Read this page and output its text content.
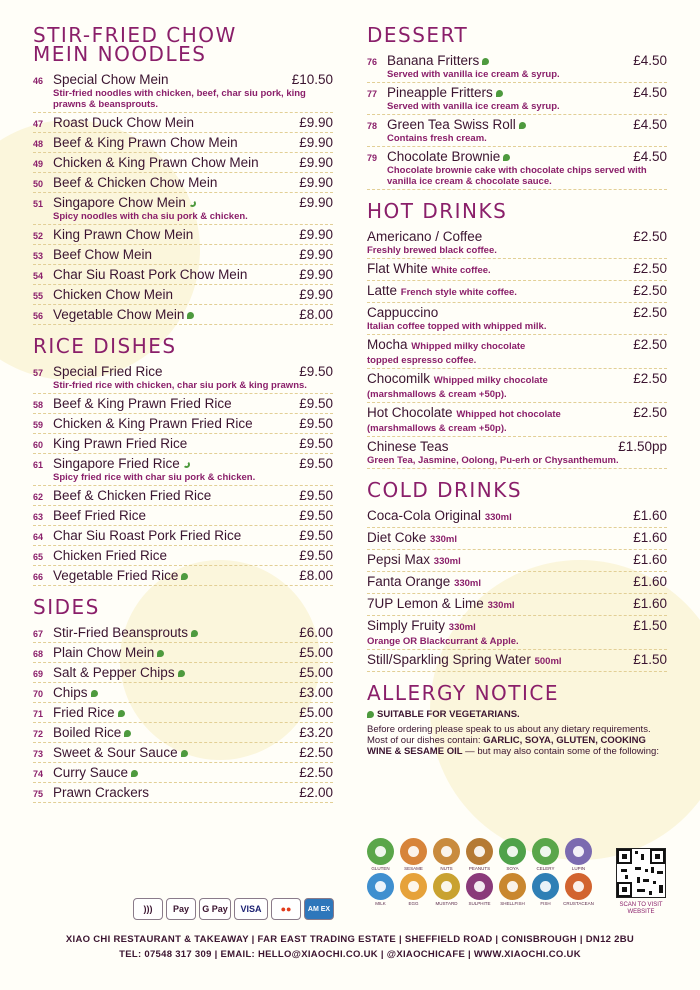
STIR-FRIED CHOW MEIN NOODLES
46 Special Chow Mein	£10.50
Stir-fried noodles with chicken, beef, char siu pork, king prawns & beansprouts.
47 Roast Duck Chow Mein	£9.90
48 Beef & King Prawn Chow Mein	£9.90
49 Chicken & King Prawn Chow Mein	£9.90
50 Beef & Chicken Chow Mein	£9.90
51 Singapore Chow Mein	£9.90
Spicy noodles with cha siu pork & chicken.
52 King Prawn Chow Mein	£9.90
53 Beef Chow Mein	£9.90
54 Char Siu Roast Pork Chow Mein	£9.90
55 Chicken Chow Mein	£9.90
56 Vegetable Chow Mein	£8.00
RICE DISHES
57 Special Fried Rice	£9.50
Stir-fried rice with chicken, char siu pork & king prawns.
58 Beef & King Prawn Fried Rice	£9.50
59 Chicken & King Prawn Fried Rice	£9.50
60 King Prawn Fried Rice	£9.50
61 Singapore Fried Rice	£9.50
Spicy fried rice with char siu pork & chicken.
62 Beef & Chicken Fried Rice	£9.50
63 Beef Fried Rice	£9.50
64 Char Siu Roast Pork Fried Rice	£9.50
65 Chicken Fried Rice	£9.50
66 Vegetable Fried Rice	£8.00
SIDES
67 Stir-Fried Beansprouts	£6.00
68 Plain Chow Mein	£5.00
69 Salt & Pepper Chips	£5.00
70 Chips	£3.00
71 Fried Rice	£5.00
72 Boiled Rice	£3.20
73 Sweet & Sour Sauce	£2.50
74 Curry Sauce	£2.50
75 Prawn Crackers	£2.00
DESSERT
76 Banana Fritters	£4.50
Served with vanilla ice cream & syrup.
77 Pineapple Fritters	£4.50
Served with vanilla ice cream & syrup.
78 Green Tea Swiss Roll	£4.50
Contains fresh cream.
79 Chocolate Brownie	£4.50
Chocolate brownie cake with chocolate chips served with vanilla ice cream & chocolate sauce.
HOT DRINKS
Americano / Coffee	£2.50
Freshly brewed black coffee.
Flat White White coffee.	£2.50
Latte French style white coffee.	£2.50
Cappuccino	£2.50
Italian coffee topped with whipped milk.
Mocha Whipped milky chocolate	£2.50
topped espresso coffee.
Chocomilk Whipped milky chocolate	£2.50
(marshmallows & cream +50p).
Hot Chocolate Whipped hot chocolate	£2.50
(marshmallows & cream +50p).
Chinese Teas	£1.50pp
Green Tea, Jasmine, Oolong, Pu-erh or Chysanthemum.
COLD DRINKS
Coca-Cola Original 330ml	£1.60
Diet Coke 330ml	£1.60
Pepsi Max 330ml	£1.60
Fanta Orange 330ml	£1.60
7UP Lemon & Lime 330ml	£1.60
Simply Fruity 330ml	£1.50
Orange OR Blackcurrant & Apple.
Still/Sparkling Spring Water 500ml	£1.50
ALLERGY NOTICE
SUITABLE FOR VEGETARIANS.

Before ordering please speak to us about any dietary requirements. Most of our dishes contain: GARLIC, SOYA, GLUTEN, COOKING WINE & SESAME OIL — but may also contain some of the following:

GLUTEN	SESAME	NUTS	PEANUTS	SOYA	CELERY	LUPIN
MILK	EGG	MUSTARD	SULPHITE	SHELLFISH	FISH	CRUSTACEAN	SCAN TO VISIT WEBSITE
)))	Pay	G Pay	VISA	●●	AM EX
XIAO CHI RESTAURANT & TAKEAWAY | FAR EAST TRADING ESTATE | SHEFFIELD ROAD | CONISBROUGH | DN12 2BU
TEL: 07548 317 309 | EMAIL: HELLO@XIAOCHI.CO.UK | @XIAOCHICAFE | WWW.XIAOCHI.CO.UK
